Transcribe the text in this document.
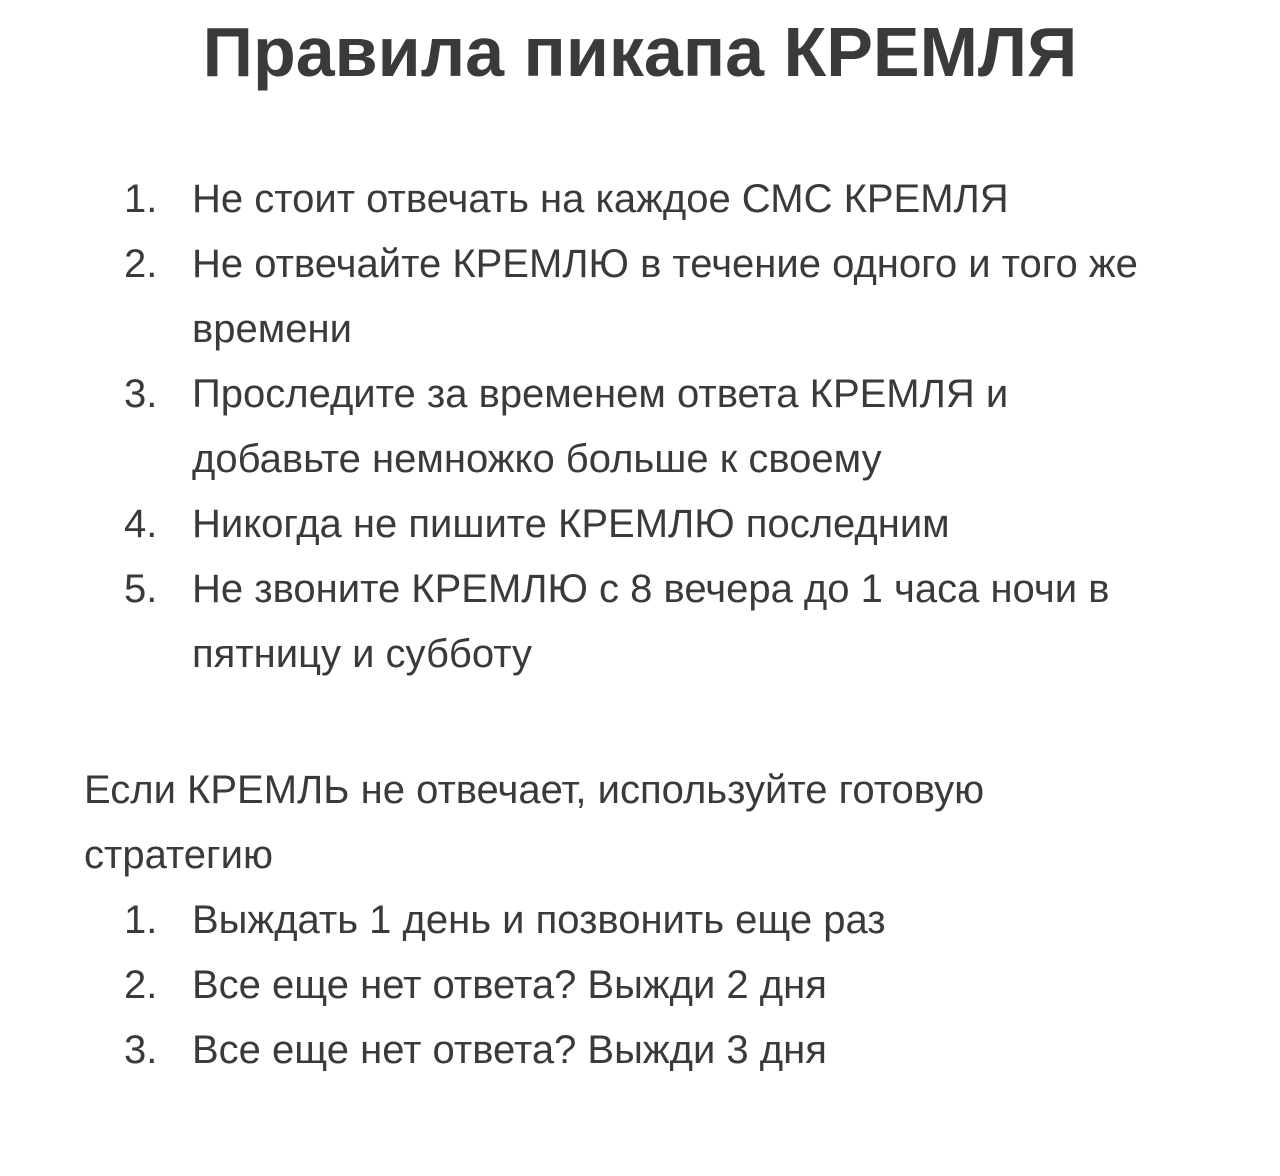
Правила пикапа КРЕМЛЯ
1. Не стоит отвечать на каждое СМС КРЕМЛЯ
2. Не отвечайте КРЕМЛЮ в течение одного и того же времени
3. Проследите за временем ответа КРЕМЛЯ и добавьте немножко больше к своему
4. Никогда не пишите КРЕМЛЮ последним
5. Не звоните КРЕМЛЮ с 8 вечера до 1 часа ночи в пятницу и субботу

Если КРЕМЛЬ не отвечает, используйте готовую стратегию

1. Выждать 1 день и позвонить еще раз
2. Все еще нет ответа? Выжди 2 дня
3. Все еще нет ответа? Выжди 3 дня
